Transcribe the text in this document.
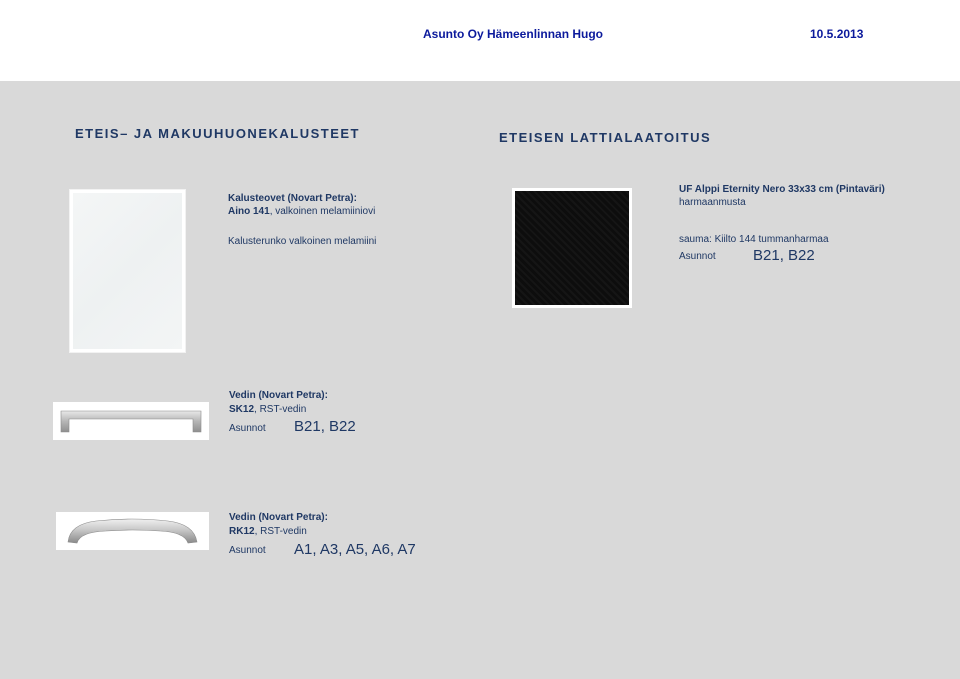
Asunto Oy Hämeenlinnan Hugo	10.5.2013
ETEIS– JA MAKUUHUONEKALUSTEET
Kalusteovet (Novart Petra):
Aino 141, valkoinen melamiiniovi
Kalusterunko valkoinen melamiini
ETEISEN LATTIALAATOITUS
UF Alppi Eternity Nero 33x33 cm (Pintaväri)
harmaanmusta
sauma: Kiilto 144 tummanharmaa
Asunnot B21, B22
Vedin (Novart Petra):
SK12, RST-vedin
Asunnot B21, B22
Vedin (Novart Petra):
RK12, RST-vedin
Asunnot A1, A3, A5, A6, A7
